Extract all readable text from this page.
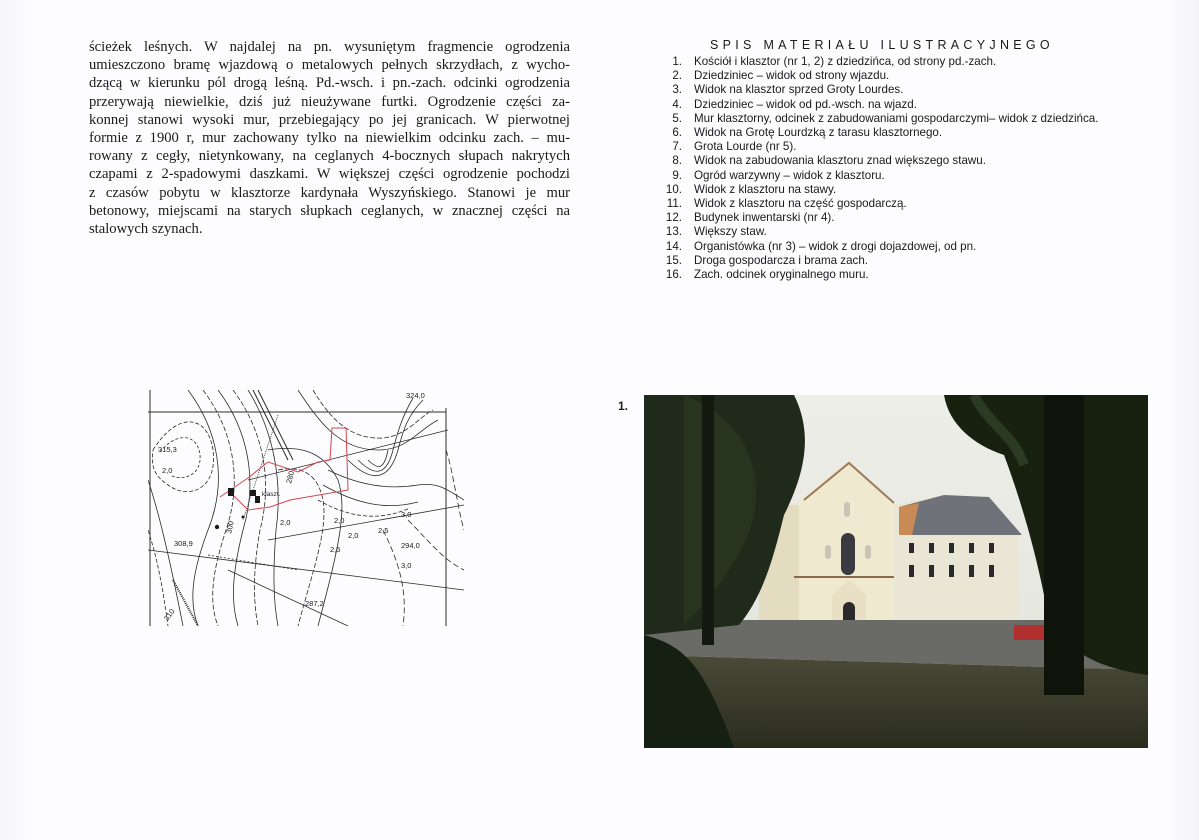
ścieżek leśnych. W najdalej na pn. wysuniętym fragmencie ogrodzenia
umieszczono bramę wjazdową o metalowych pełnych skrzydłach, z wycho-
dzącą w kierunku pól drogą leśną. Pd.-wsch. i pn.-zach. odcinki ogrodzenia
przerywają niewielkie, dziś już nieużywane furtki. Ogrodzenie części za-
konnej stanowi wysoki mur, przebiegający po jej granicach. W pierwotnej
formie z 1900 r, mur zachowany tylko na niewielkim odcinku zach. – mu-
rowany z cegły, nietynkowany, na ceglanych 4-bocznych słupach nakrytych
czapami z 2-spadowymi daszkami. W większej części ogrodzenie pochodzi
z czasów pobytu w klasztorze kardynała Wyszyńskiego. Stanowi je mur
betonowy, miejscami na starych słupkach ceglanych, w znacznej części na
stalowych szynach.
SPIS MATERIAŁU ILUSTRACYJNEGO
1. Kościół i klasztor (nr 1, 2) z dziedzińca, od strony pd.-zach.
2. Dziedziniec – widok od strony wjazdu.
3. Widok na klasztor sprzed Groty Lourdes.
4. Dziedziniec – widok od pd.-wsch. na wjazd.
5. Mur klasztorny, odcinek z zabudowaniami gospodarczymi– widok z dziedzińca.
6. Widok na Grotę Lourdzką z tarasu klasztornego.
7. Grota Lourde (nr 5).
8. Widok na zabudowania klasztoru znad większego stawu.
9. Ogród warzywny – widok z klasztoru.
10. Widok z klasztoru na stawy.
11. Widok z klasztoru na część gospodarczą.
12. Budynek inwentarski (nr 4).
13. Większy staw.
14. Organistówka (nr 3) – widok z drogi dojazdowej, od pn.
15. Droga gospodarcza i brama zach.
16. Zach. odcinek oryginalnego muru.
315,3
2,0
308,9
287,2
294,0
324,0
klaszt.
2,0
2,0
2,5
2,5
3,0
3,0
2,0
300
310
280
1.
